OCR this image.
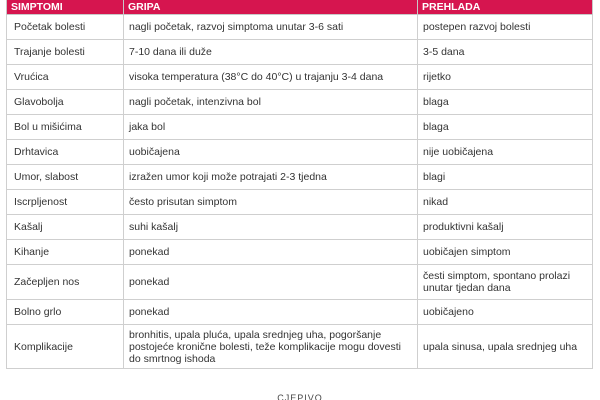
SIMPTOMI	GRIPA	PREHLADA
Početak bolesti	nagli početak, razvoj simptoma unutar 3-6 sati	postepen razvoj bolesti
Trajanje bolesti	7-10 dana ili duže	3-5 dana
Vrućica	visoka temperatura (38°C do 40°C) u trajanju 3-4 dana	rijetko
Glavobolja	nagli početak, intenzivna bol	blaga
Bol u mišićima	jaka bol	blaga
Drhtavica	uobičajena	nije uobičajena
Umor, slabost	izražen umor koji može potrajati 2-3 tjedna	blagi
Iscrpljenost	često prisutan simptom	nikad
Kašalj	suhi kašalj	produktivni kašalj
Kihanje	ponekad	uobičajen simptom
Začepljen nos	ponekad	česti simptom, spontano prolazi unutar tjedan dana
Bolno grlo	ponekad	uobičajeno
Komplikacije	bronhitis, upala pluća, upala srednjeg uha, pogoršanje postojeće kronične bolesti, teže komplikacije mogu dovesti do smrtnog ishoda	upala sinusa, upala srednjeg uha
CJEPIVO
